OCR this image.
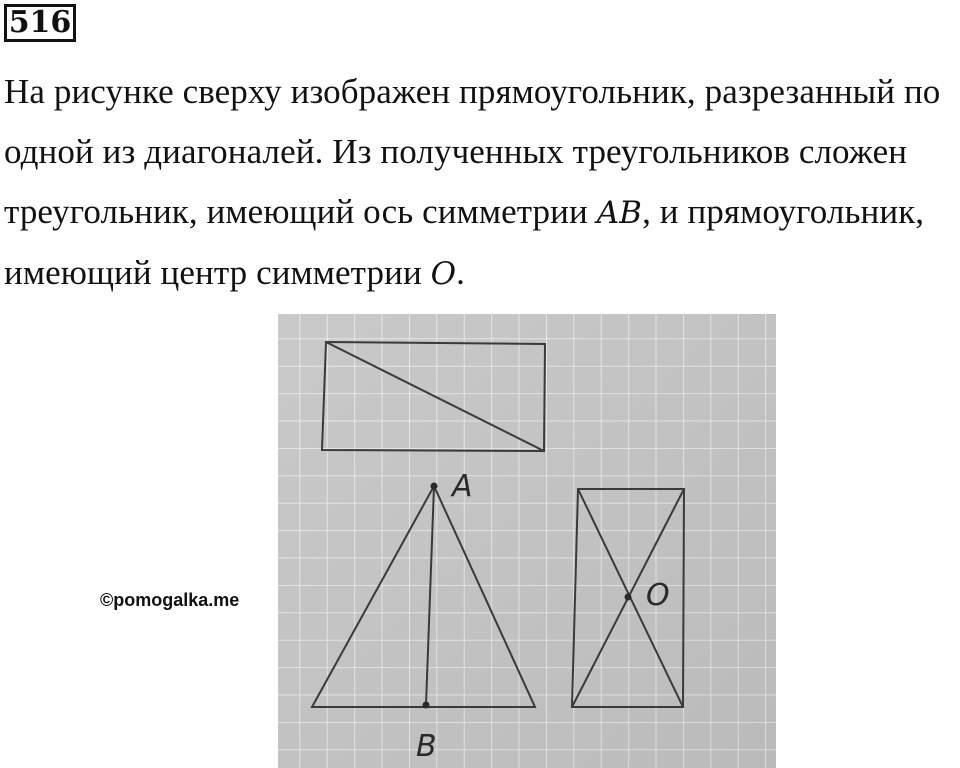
516
На рисунке сверху изображен прямоугольник, разрезанный по
одной из диагоналей. Из полученных треугольников сложен
треугольник, имеющий ось симметрии AB, и прямоугольник,
имеющий центр симметрии O.
A
B
O
©pomogalka.me
